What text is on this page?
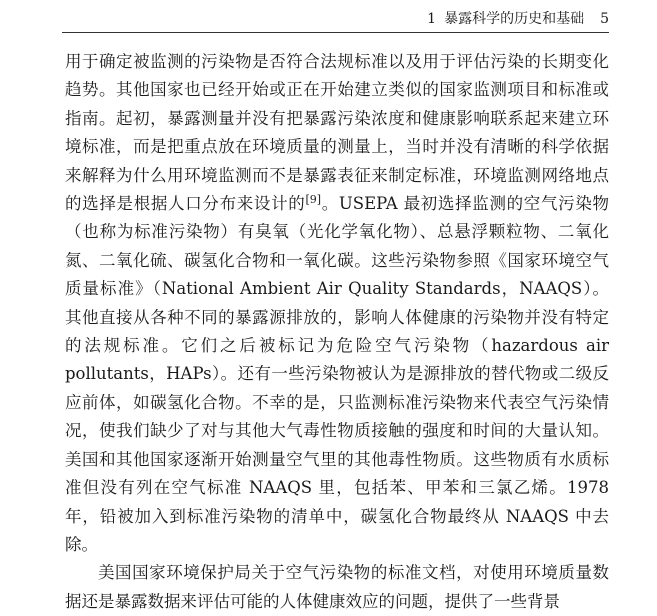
1 暴露科学的历史和基础 5

用于确定被监测的污染物是否符合法规标准以及用于评估污染的长期变化趋势。其他国家也已经开始或正在开始建立类似的国家监测项目和标准或指南。起初，暴露测量并没有把暴露污染浓度和健康影响联系起来建立环境标准，而是把重点放在环境质量的测量上，当时并没有清晰的科学依据来解释为什么用环境监测而不是暴露表征来制定标准，环境监测网络地点的选择是根据人口分布来设计的[9]。USEPA 最初选择监测的空气污染物（也称为标准污染物）有臭氧（光化学氧化物）、总悬浮颗粒物、二氧化氮、二氧化硫、碳氢化合物和一氧化碳。这些污染物参照《国家环境空气质量标准》（National Ambient Air Quality Standards，NAAQS）。其他直接从各种不同的暴露源排放的，影响人体健康的污染物并没有特定的法规标准。它们之后被标记为危险空气污染物（hazardous air pollutants，HAPs）。还有一些污染物被认为是源排放的替代物或二级反应前体，如碳氢化合物。不幸的是，只监测标准污染物来代表空气污染情况，使我们缺少了对与其他大气毒性物质接触的强度和时间的大量认知。美国和其他国家逐渐开始测量空气里的其他毒性物质。这些物质有水质标准但没有列在空气标准 NAAQS 里，包括苯、甲苯和三氯乙烯。1978 年，铅被加入到标准污染物的清单中，碳氢化合物最终从 NAAQS 中去除。

美国国家环境保护局关于空气污染物的标准文档，对使用环境质量数据还是暴露数据来评估可能的人体健康效应的问题，提供了一些背景
